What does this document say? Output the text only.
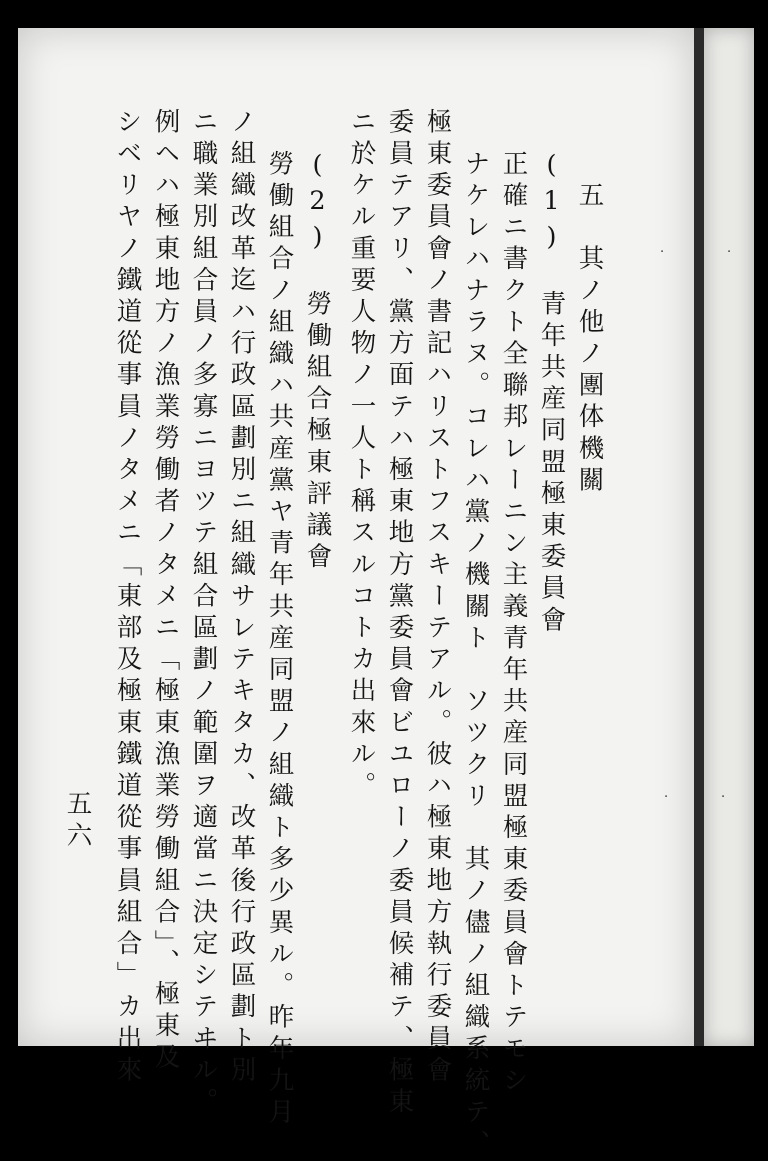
　五　其ノ他ノ團体機關
(1)　青年共産同盟極東委員會
正確ニ書クト全聯邦レーニン主義青年共産同盟極東委員會トテモシ
ナケレハナラヌ。コレハ黨ノ機關ト　ソツクリ　其ノ儘ノ組織系統テ、
極東委員會ノ書記ハリストフスキーテアル。彼ハ極東地方執行委員會
委員テアリ、黨方面テハ極東地方黨委員會ビユローノ委員候補テ、極東
ニ於ケル重要人物ノ一人ト稱スルコトカ出來ル。
(2)　勞働組合極東評議會
勞働組合ノ組織ハ共産黨ヤ青年共産同盟ノ組織ト多少異ル。昨年九月
ノ組織改革迄ハ行政區劃別ニ組織サレテキタカ、改革後行政區劃ト別
ニ職業別組合員ノ多寡ニヨツテ組合區劃ノ範圍ヲ適當ニ決定シテヰル。
例ヘハ極東地方ノ漁業勞働者ノタメニ「極東漁業勞働組合」、極東及
シベリヤノ鐵道從事員ノタメニ「東部及極東鐵道從事員組合」カ出來
五六
·
·
·
·
